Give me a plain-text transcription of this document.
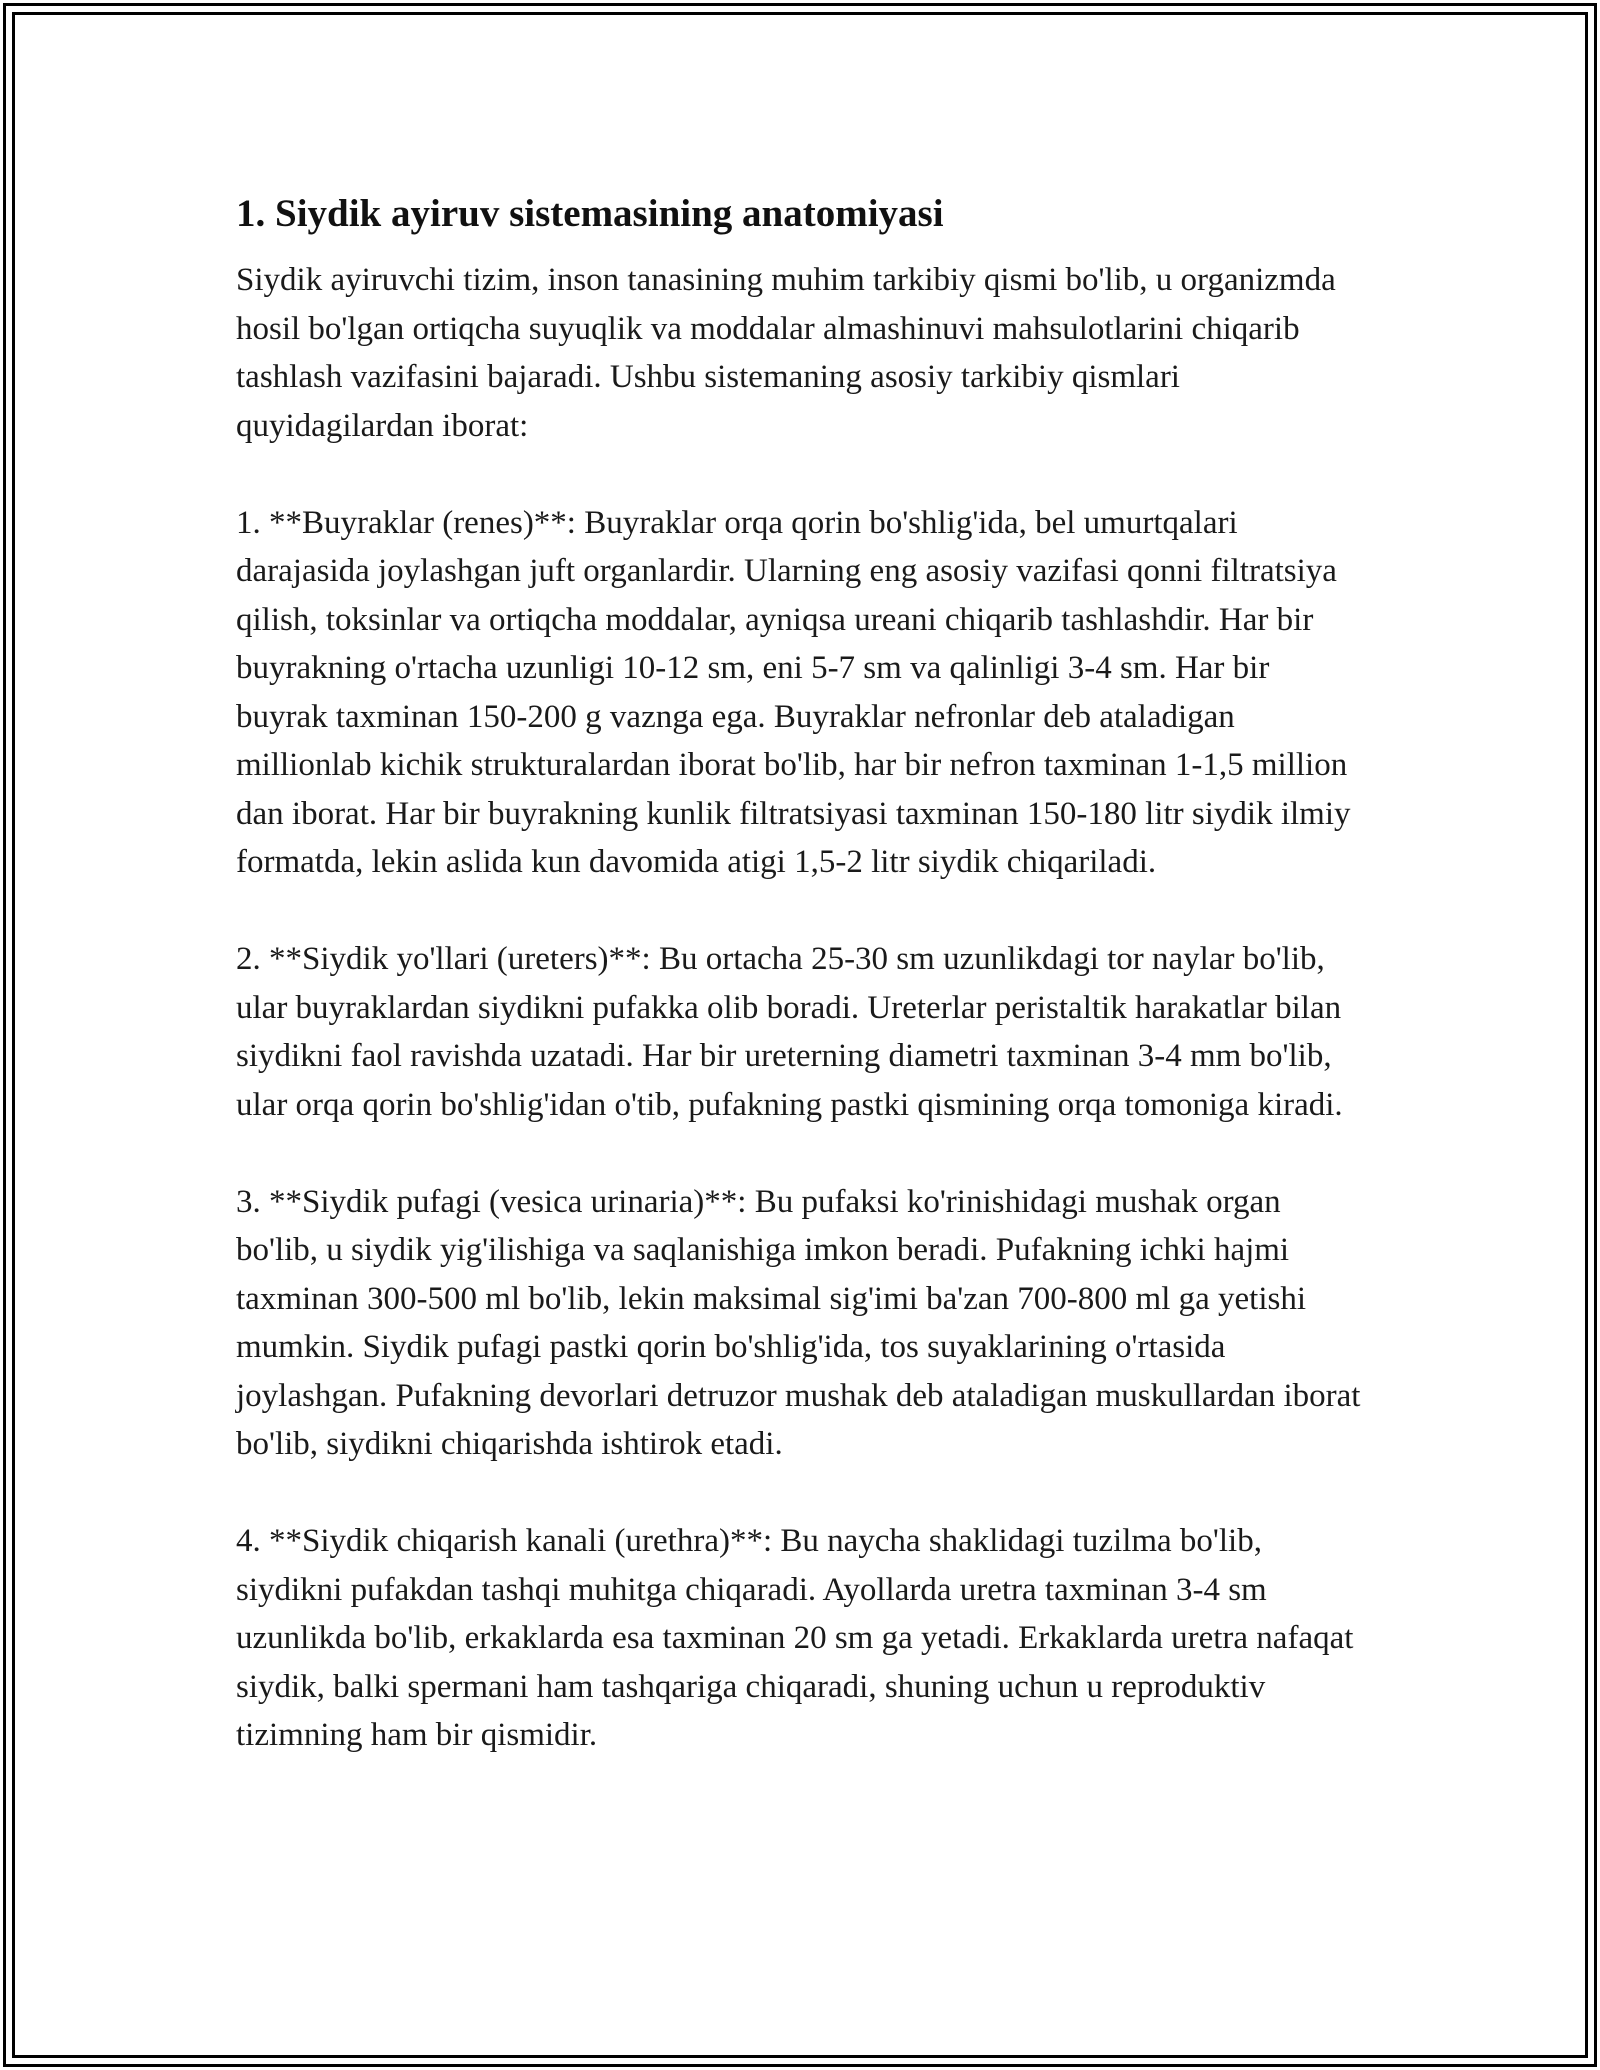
1. Siydik ayiruv sistemasining anatomiyasi

Siydik ayiruvchi tizim, inson tanasining muhim tarkibiy qismi bo'lib, u organizmda hosil bo'lgan ortiqcha suyuqlik va moddalar almashinuvi mahsulotlarini chiqarib tashlash vazifasini bajaradi. Ushbu sistemaning asosiy tarkibiy qismlari quyidagilardan iborat:

1. **Buyraklar (renes)**: Buyraklar orqa qorin bo'shlig'ida, bel umurtqalari darajasida joylashgan juft organlardir. Ularning eng asosiy vazifasi qonni filtratsiya qilish, toksinlar va ortiqcha moddalar, ayniqsa ureani chiqarib tashlashdir. Har bir buyrakning o'rtacha uzunligi 10-12 sm, eni 5-7 sm va qalinligi 3-4 sm. Har bir buyrak taxminan 150-200 g vaznga ega. Buyraklar nefronlar deb ataladigan millionlab kichik strukturalardan iborat bo'lib, har bir nefron taxminan 1-1,5 million dan iborat. Har bir buyrakning kunlik filtratsiyasi taxminan 150-180 litr siydik ilmiy formatda, lekin aslida kun davomida atigi 1,5-2 litr siydik chiqariladi.

2. **Siydik yo'llari (ureters)**: Bu ortacha 25-30 sm uzunlikdagi tor naylar bo'lib, ular buyraklardan siydikni pufakka olib boradi. Ureterlar peristaltik harakatlar bilan siydikni faol ravishda uzatadi. Har bir ureterning diametri taxminan 3-4 mm bo'lib, ular orqa qorin bo'shlig'idan o'tib, pufakning pastki qismining orqa tomoniga kiradi.

3. **Siydik pufagi (vesica urinaria)**: Bu pufaksi ko'rinishidagi mushak organ bo'lib, u siydik yig'ilishiga va saqlanishiga imkon beradi. Pufakning ichki hajmi taxminan 300-500 ml bo'lib, lekin maksimal sig'imi ba'zan 700-800 ml ga yetishi mumkin. Siydik pufagi pastki qorin bo'shlig'ida, tos suyaklarining o'rtasida joylashgan. Pufakning devorlari detruzor mushak deb ataladigan muskullardan iborat bo'lib, siydikni chiqarishda ishtirok etadi.

4. **Siydik chiqarish kanali (urethra)**: Bu naycha shaklidagi tuzilma bo'lib, siydikni pufakdan tashqi muhitga chiqaradi. Ayollarda uretra taxminan 3-4 sm uzunlikda bo'lib, erkaklarda esa taxminan 20 sm ga yetadi. Erkaklarda uretra nafaqat siydik, balki spermani ham tashqariga chiqaradi, shuning uchun u reproduktiv tizimning ham bir qismidir.
